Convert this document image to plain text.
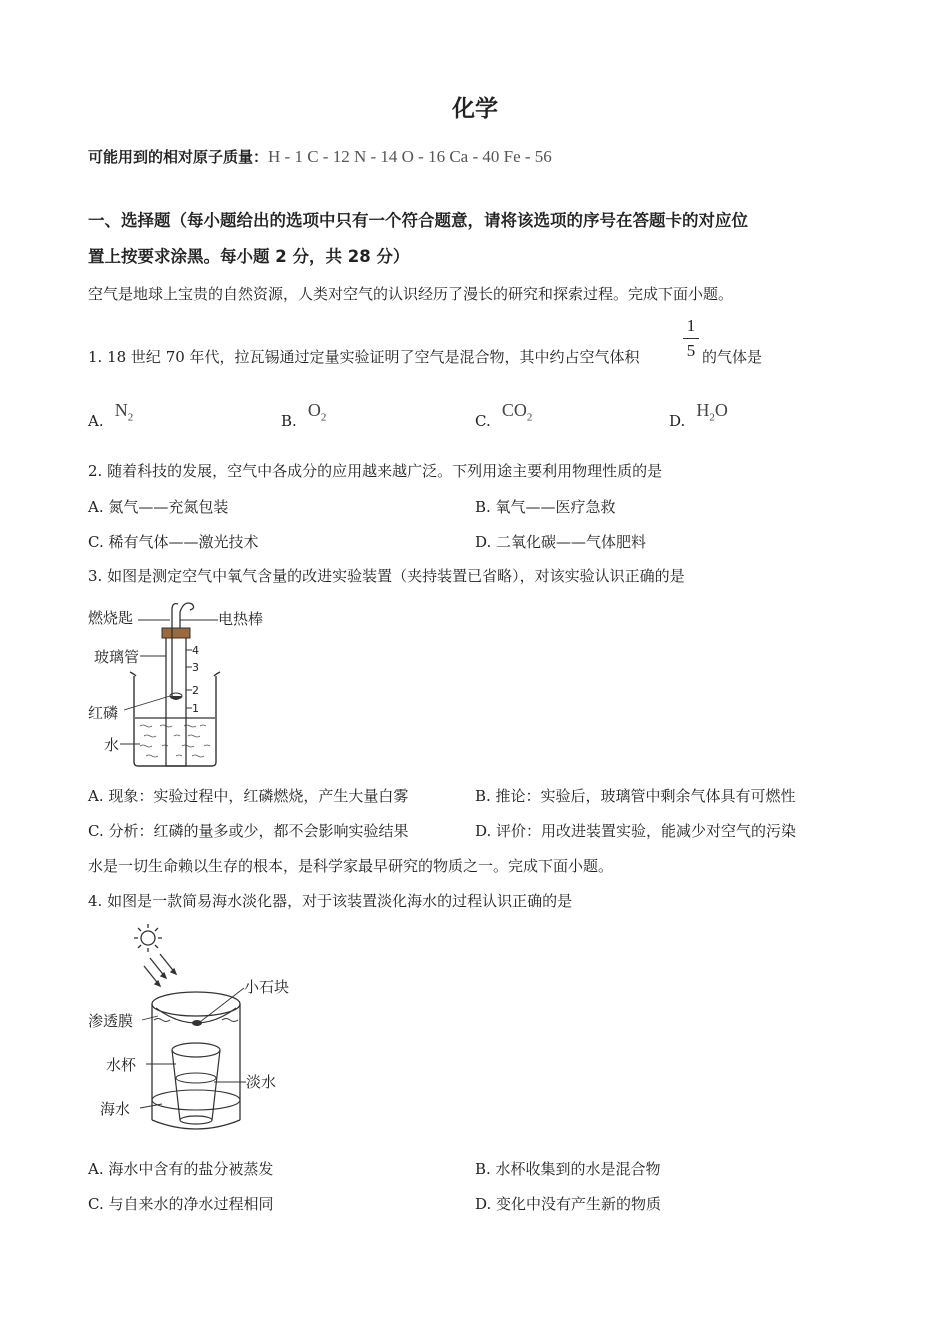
化学
可能用到的相对原子质量：H - 1 C - 12 N - 14 O - 16 Ca - 40 Fe - 56
一、选择题（每小题给出的选项中只有一个符合题意，请将该选项的序号在答题卡的对应位
置上按要求涂黑。每小题 2 分，共 28 分）
空气是地球上宝贵的自然资源，人类对空气的认识经历了漫长的研究和探索过程。完成下面小题。
1. 18 世纪 70 年代，拉瓦锡通过定量实验证明了空气是混合物，其中约占空气体积
1
5 的气体是
A. $N_2$	B. $O_2$	C. $CO_2$	D. $H_2O$
2. 随着科技的发展，空气中各成分的应用越来越广泛。下列用途主要利用物理性质的是
A. 氮气——充氮包装	B. 氧气——医疗急救
C. 稀有气体——激光技术	D. 二氧化碳——气体肥料
3. 如图是测定空气中氧气含量的改进实验装置（夹持装置已省略），对该实验认识正确的是
4
3
2
1
燃烧匙	电热棒
玻璃管
红磷
水
A. 现象：实验过程中，红磷燃烧，产生大量白雾	B. 推论：实验后，玻璃管中剩余气体具有可燃性
C. 分析：红磷的量多或少，都不会影响实验结果	D. 评价：用改进装置实验，能减少对空气的污染
水是一切生命赖以生存的根本，是科学家最早研究的物质之一。完成下面小题。
4. 如图是一款简易海水淡化器，对于该装置淡化海水的过程认识正确的是
小石块
渗透膜
水杯
淡水
海水
A. 海水中含有的盐分被蒸发	B. 水杯收集到的水是混合物
C. 与自来水的净水过程相同	D. 变化中没有产生新的物质
